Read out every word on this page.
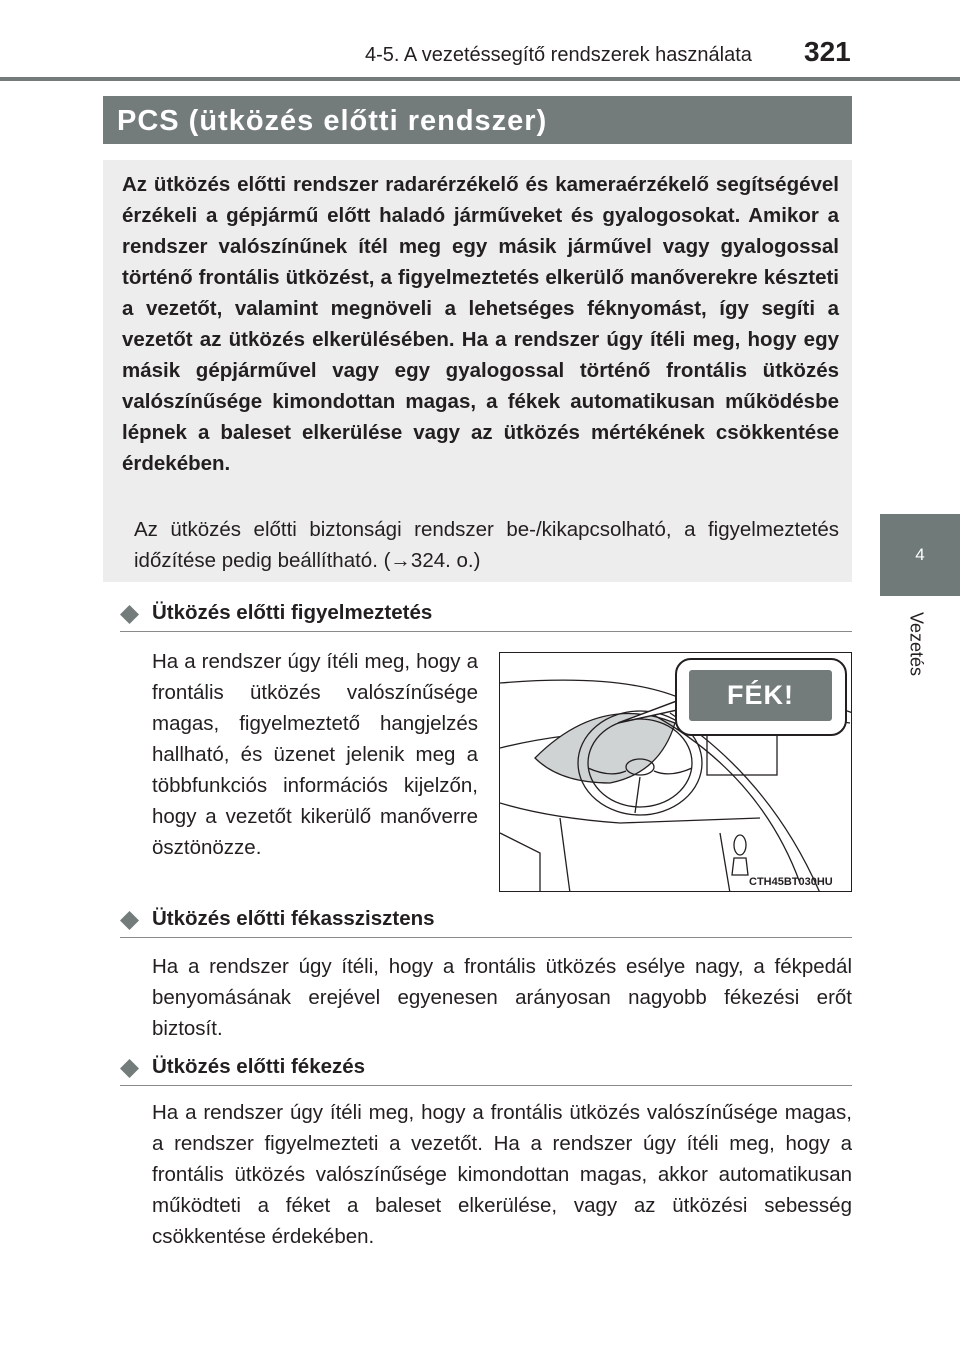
4-5. A vezetéssegítő rendszerek használata 321
4
Vezetés
PCS (ütközés előtti rendszer)
Az ütközés előtti rendszer radarérzékelő és kameraérzékelő segítségével érzékeli a gépjármű előtt haladó járműveket és gyalogosokat. Amikor a rendszer valószínűnek ítél meg egy másik járművel vagy gyalogossal történő frontális ütközést, a figyelmeztetés elkerülő manőverekre készteti a vezetőt, valamint megnöveli a lehetséges féknyomást, így segíti a vezetőt az ütközés elkerülésében. Ha a rendszer úgy ítéli meg, hogy egy másik gépjárművel vagy egy gyalogossal történő frontális ütközés valószínűsége kimondottan magas, a fékek automatikusan működésbe lépnek a baleset elkerülése vagy az ütközés mértékének csökkentése érdekében.
Az ütközés előtti biztonsági rendszer be-/kikapcsolható, a figyelmeztetés időzítése pedig beállítható. (→324. o.)
Ütközés előtti figyelmeztetés
Ha a rendszer úgy ítéli meg, hogy a frontális ütközés valószínűsége magas, figyelmeztető hangjelzés hallható, és üzenet jelenik meg a többfunkciós információs kijelzőn, hogy a vezetőt kikerülő manőverre ösztönözze.
FÉK!
CTH45BT030HU
Ütközés előtti fékasszisztens
Ha a rendszer úgy ítéli, hogy a frontális ütközés esélye nagy, a fékpedál benyomásának erejével egyenesen arányosan nagyobb fékezési erőt biztosít.
Ütközés előtti fékezés
Ha a rendszer úgy ítéli meg, hogy a frontális ütközés valószínűsége magas, a rendszer figyelmezteti a vezetőt. Ha a rendszer úgy ítéli meg, hogy a frontális ütközés valószínűsége kimondottan magas, akkor automatikusan működteti a féket a baleset elkerülése, vagy az ütközési sebesség csökkentése érdekében.
